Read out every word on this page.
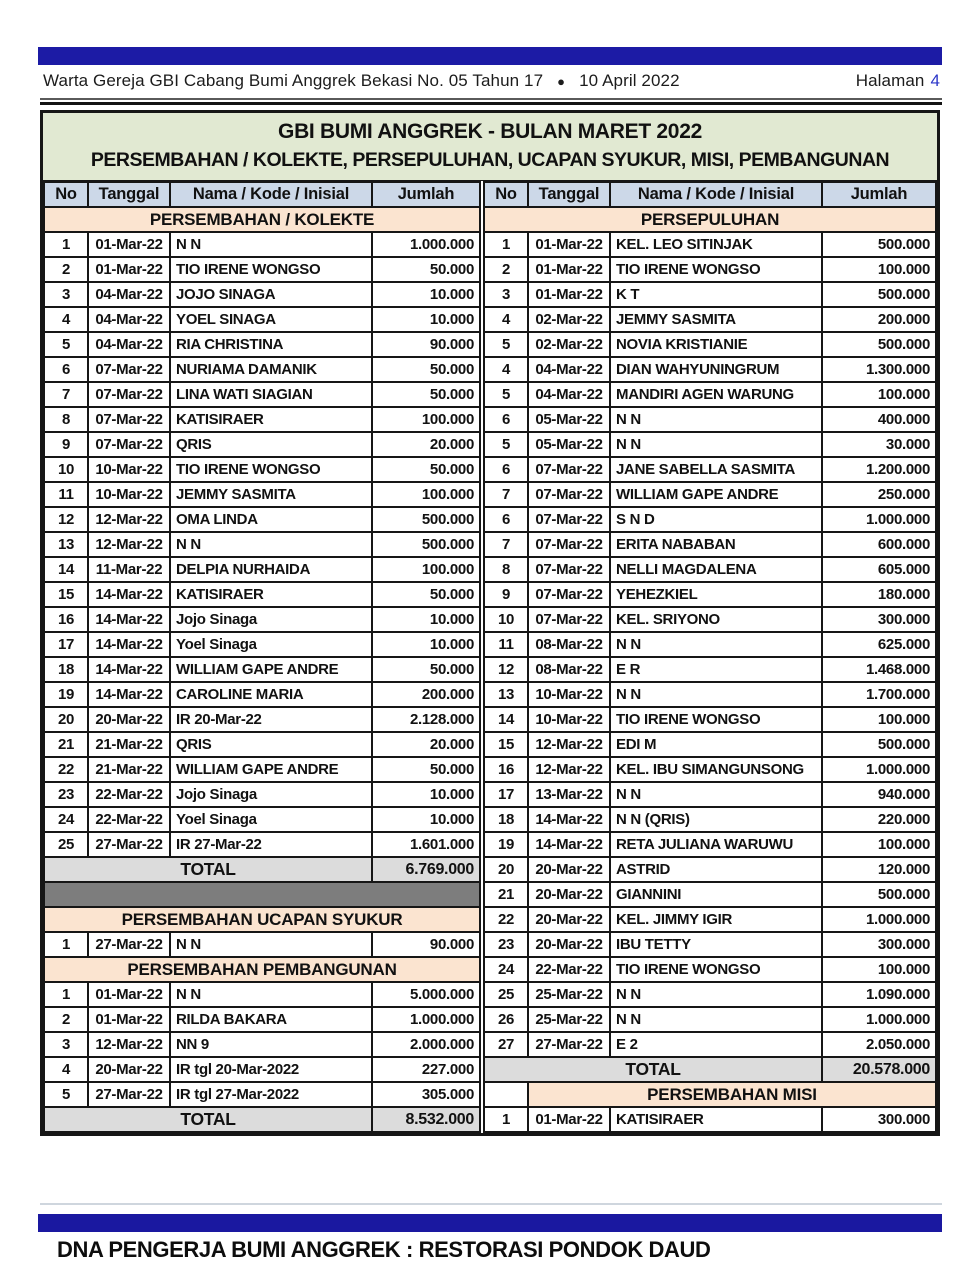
Warta Gereja GBI Cabang Bumi Anggrek Bekasi No. 05 Tahun 17 ● 10 April 2022	Halaman 4
GBI BUMI ANGGREK - BULAN MARET 2022
PERSEMBAHAN / KOLEKTE, PERSEPULUHAN, UCAPAN SYUKUR, MISI, PEMBANGUNAN
No	Tanggal	Nama / Kode / Inisial	Jumlah
PERSEMBAHAN / KOLEKTE			
1	01-Mar-22	N N	1.000.000
2	01-Mar-22	TIO IRENE WONGSO	50.000
3	04-Mar-22	JOJO SINAGA	10.000
4	04-Mar-22	YOEL SINAGA	10.000
5	04-Mar-22	RIA CHRISTINA	90.000
6	07-Mar-22	NURIAMA DAMANIK	50.000
7	07-Mar-22	LINA WATI SIAGIAN	50.000
8	07-Mar-22	KATISIRAER	100.000
9	07-Mar-22	QRIS	20.000
10	10-Mar-22	TIO IRENE WONGSO	50.000
11	10-Mar-22	JEMMY SASMITA	100.000
12	12-Mar-22	OMA LINDA	500.000
13	12-Mar-22	N N	500.000
14	11-Mar-22	DELPIA NURHAIDA	100.000
15	14-Mar-22	KATISIRAER	50.000
16	14-Mar-22	Jojo Sinaga	10.000
17	14-Mar-22	Yoel Sinaga	10.000
18	14-Mar-22	WILLIAM GAPE ANDRE	50.000
19	14-Mar-22	CAROLINE MARIA	200.000
20	20-Mar-22	IR 20-Mar-22	2.128.000
21	21-Mar-22	QRIS	20.000
22	21-Mar-22	WILLIAM GAPE ANDRE	50.000
23	22-Mar-22	Jojo Sinaga	10.000
24	22-Mar-22	Yoel Sinaga	10.000
25	27-Mar-22	IR 27-Mar-22	1.601.000
TOTAL			6.769.000

PERSEMBAHAN UCAPAN SYUKUR			
1	27-Mar-22	N N	90.000
PERSEMBAHAN PEMBANGUNAN			
1	01-Mar-22	N N	5.000.000
2	01-Mar-22	RILDA BAKARA	1.000.000
3	12-Mar-22	NN 9	2.000.000
4	20-Mar-22	IR tgl 20-Mar-2022	227.000
5	27-Mar-22	IR tgl 27-Mar-2022	305.000
TOTAL			8.532.000
No	Tanggal	Nama / Kode / Inisial	Jumlah
PERSEPULUHAN			
1	01-Mar-22	KEL. LEO SITINJAK	500.000
2	01-Mar-22	TIO IRENE WONGSO	100.000
3	01-Mar-22	K T	500.000
4	02-Mar-22	JEMMY SASMITA	200.000
5	02-Mar-22	NOVIA KRISTIANIE	500.000
4	04-Mar-22	DIAN WAHYUNINGRUM	1.300.000
5	04-Mar-22	MANDIRI AGEN WARUNG	100.000
6	05-Mar-22	N N	400.000
5	05-Mar-22	N N	30.000
6	07-Mar-22	JANE SABELLA SASMITA	1.200.000
7	07-Mar-22	WILLIAM GAPE ANDRE	250.000
6	07-Mar-22	S N D	1.000.000
7	07-Mar-22	ERITA NABABAN	600.000
8	07-Mar-22	NELLI MAGDALENA	605.000
9	07-Mar-22	YEHEZKIEL	180.000
10	07-Mar-22	KEL. SRIYONO	300.000
11	08-Mar-22	N N	625.000
12	08-Mar-22	E R	1.468.000
13	10-Mar-22	N N	1.700.000
14	10-Mar-22	TIO IRENE WONGSO	100.000
15	12-Mar-22	EDI M	500.000
16	12-Mar-22	KEL. IBU SIMANGUNSONG	1.000.000
17	13-Mar-22	N N	940.000
18	14-Mar-22	N N (QRIS)	220.000
19	14-Mar-22	RETA JULIANA WARUWU	100.000
20	20-Mar-22	ASTRID	120.000
21	20-Mar-22	GIANNINI	500.000
22	20-Mar-22	KEL. JIMMY IGIR	1.000.000
23	20-Mar-22	IBU TETTY	300.000
24	22-Mar-22	TIO IRENE WONGSO	100.000
25	25-Mar-22	N N	1.090.000
26	25-Mar-22	N N	1.000.000
27	27-Mar-22	E 2	2.050.000
TOTAL			20.578.000
	PERSEMBAHAN MISI		
1	01-Mar-22	KATISIRAER	300.000
DNA PENGERJA BUMI ANGGREK : RESTORASI PONDOK DAUD
